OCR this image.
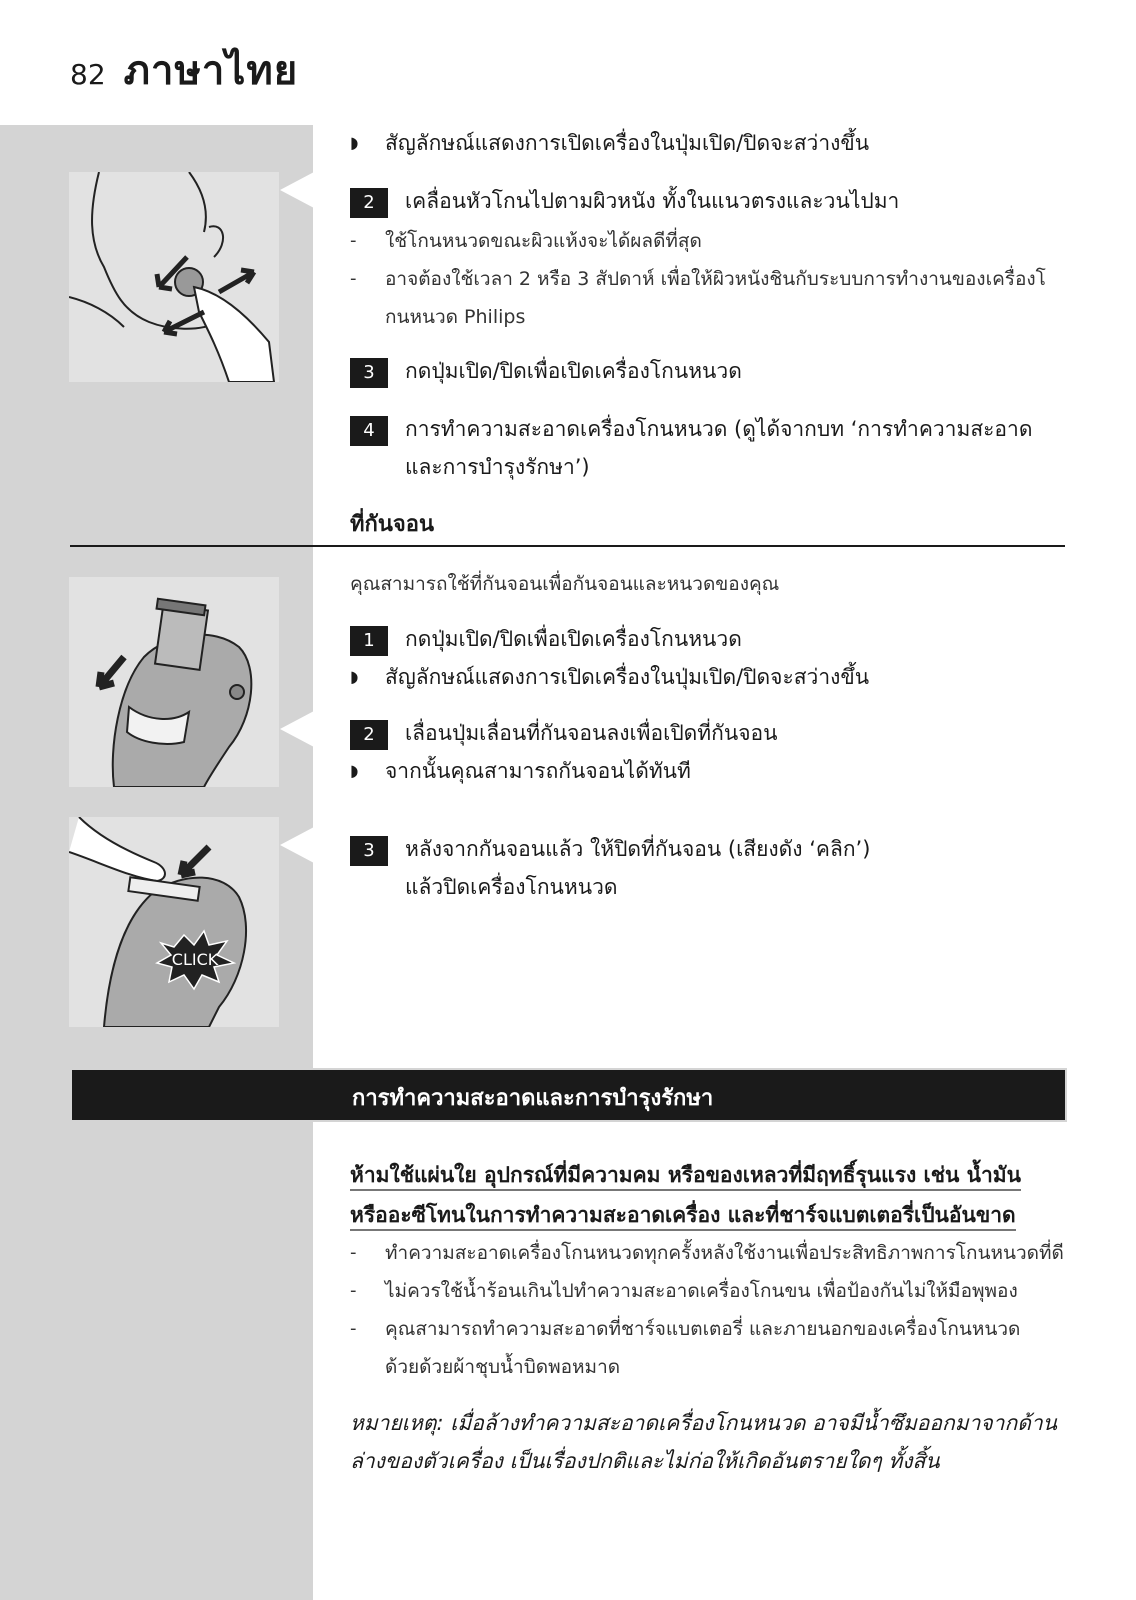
82 ภาษาไทย
CLICK
◗ สัญลักษณ์แสดงการเปิดเครื่องในปุ่มเปิด/ปิดจะสว่างขึ้น
2	เคลื่อนหัวโกนไปตามผิวหนัง ทั้งในแนวตรงและวนไปมา
- ใช้โกนหนวดขณะผิวแห้งจะได้ผลดีที่สุด
- อาจต้องใช้เวลา 2 หรือ 3 สัปดาห์ เพื่อให้ผิวหนังชินกับระบบการทำงานของเครื่องโ
กนหนวด Philips
3	กดปุ่มเปิด/ปิดเพื่อเปิดเครื่องโกนหนวด
4	การทำความสะอาดเครื่องโกนหนวด (ดูได้จากบท ‘การทำความสะอาด
และการบำรุงรักษา’)
ที่กันจอน
คุณสามารถใช้ที่กันจอนเพื่อกันจอนและหนวดของคุณ
1	กดปุ่มเปิด/ปิดเพื่อเปิดเครื่องโกนหนวด
◗ สัญลักษณ์แสดงการเปิดเครื่องในปุ่มเปิด/ปิดจะสว่างขึ้น
2	เลื่อนปุ่มเลื่อนที่กันจอนลงเพื่อเปิดที่กันจอน
◗ จากนั้นคุณสามารถกันจอนได้ทันที
3	หลังจากกันจอนแล้ว ให้ปิดที่กันจอน (เสียงดัง ‘คลิก’)
แล้วปิดเครื่องโกนหนวด
การทำความสะอาดและการบำรุงรักษา
ห้ามใช้แผ่นใย อุปกรณ์ที่มีความคม หรือของเหลวที่มีฤทธิ์รุนแรง เช่น น้ำมัน
หรืออะซีโทนในการทำความสะอาดเครื่อง และที่ชาร์จแบตเตอรี่เป็นอันขาด
- ทำความสะอาดเครื่องโกนหนวดทุกครั้งหลังใช้งานเพื่อประสิทธิภาพการโกนหนวดที่ดี
- ไม่ควรใช้น้ำร้อนเกินไปทำความสะอาดเครื่องโกนขน เพื่อป้องกันไม่ให้มือพุพอง
- คุณสามารถทำความสะอาดที่ชาร์จแบตเตอรี่ และภายนอกของเครื่องโกนหนวด
ด้วยด้วยผ้าชุบน้ำบิดพอหมาด
หมายเหตุ: เมื่อล้างทำความสะอาดเครื่องโกนหนวด อาจมีน้ำซึมออกมาจากด้าน
ล่างของตัวเครื่อง เป็นเรื่องปกติและไม่ก่อให้เกิดอันตรายใดๆ ทั้งสิ้น
